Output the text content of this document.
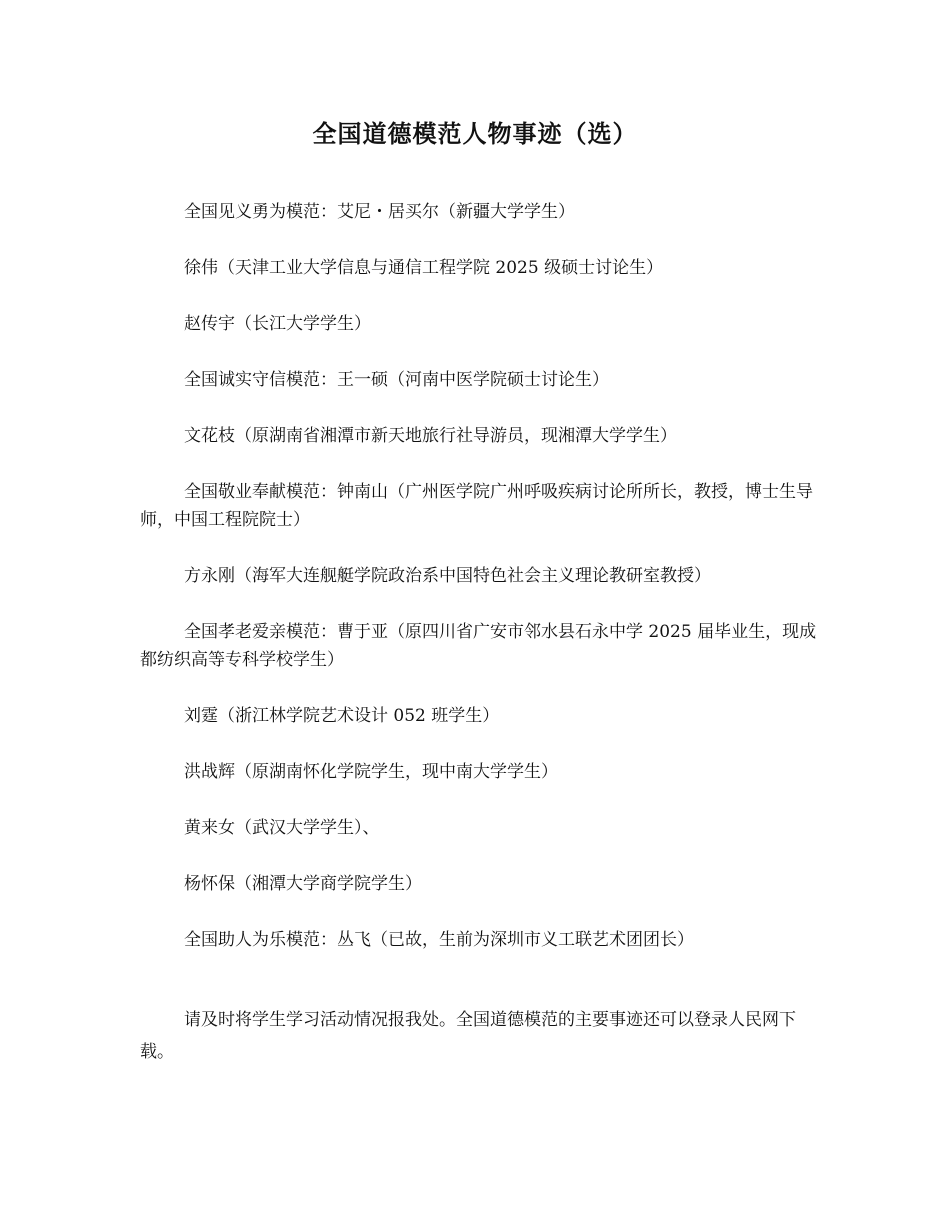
全国道德模范人物事迹（选）

全国见义勇为模范：艾尼・居买尔（新疆大学学生）

徐伟（天津工业大学信息与通信工程学院 2025 级硕士讨论生）

赵传宇（长江大学学生）

全国诚实守信模范：王一硕（河南中医学院硕士讨论生）

文花枝（原湖南省湘潭市新天地旅行社导游员，现湘潭大学学生）

全国敬业奉献模范：钟南山（广州医学院广州呼吸疾病讨论所所长，教授，博士生导师，中国工程院院士）

方永刚（海军大连舰艇学院政治系中国特色社会主义理论教研室教授）

全国孝老爱亲模范：曹于亚（原四川省广安市邻水县石永中学 2025 届毕业生，现成都纺织高等专科学校学生）

刘霆（浙江林学院艺术设计 052 班学生）

洪战辉（原湖南怀化学院学生，现中南大学学生）

黄来女（武汉大学学生）、

杨怀保（湘潭大学商学院学生）

全国助人为乐模范：丛飞（已故，生前为深圳市义工联艺术团团长）

请及时将学生学习活动情况报我处。全国道德模范的主要事迹还可以登录人民网下载。
